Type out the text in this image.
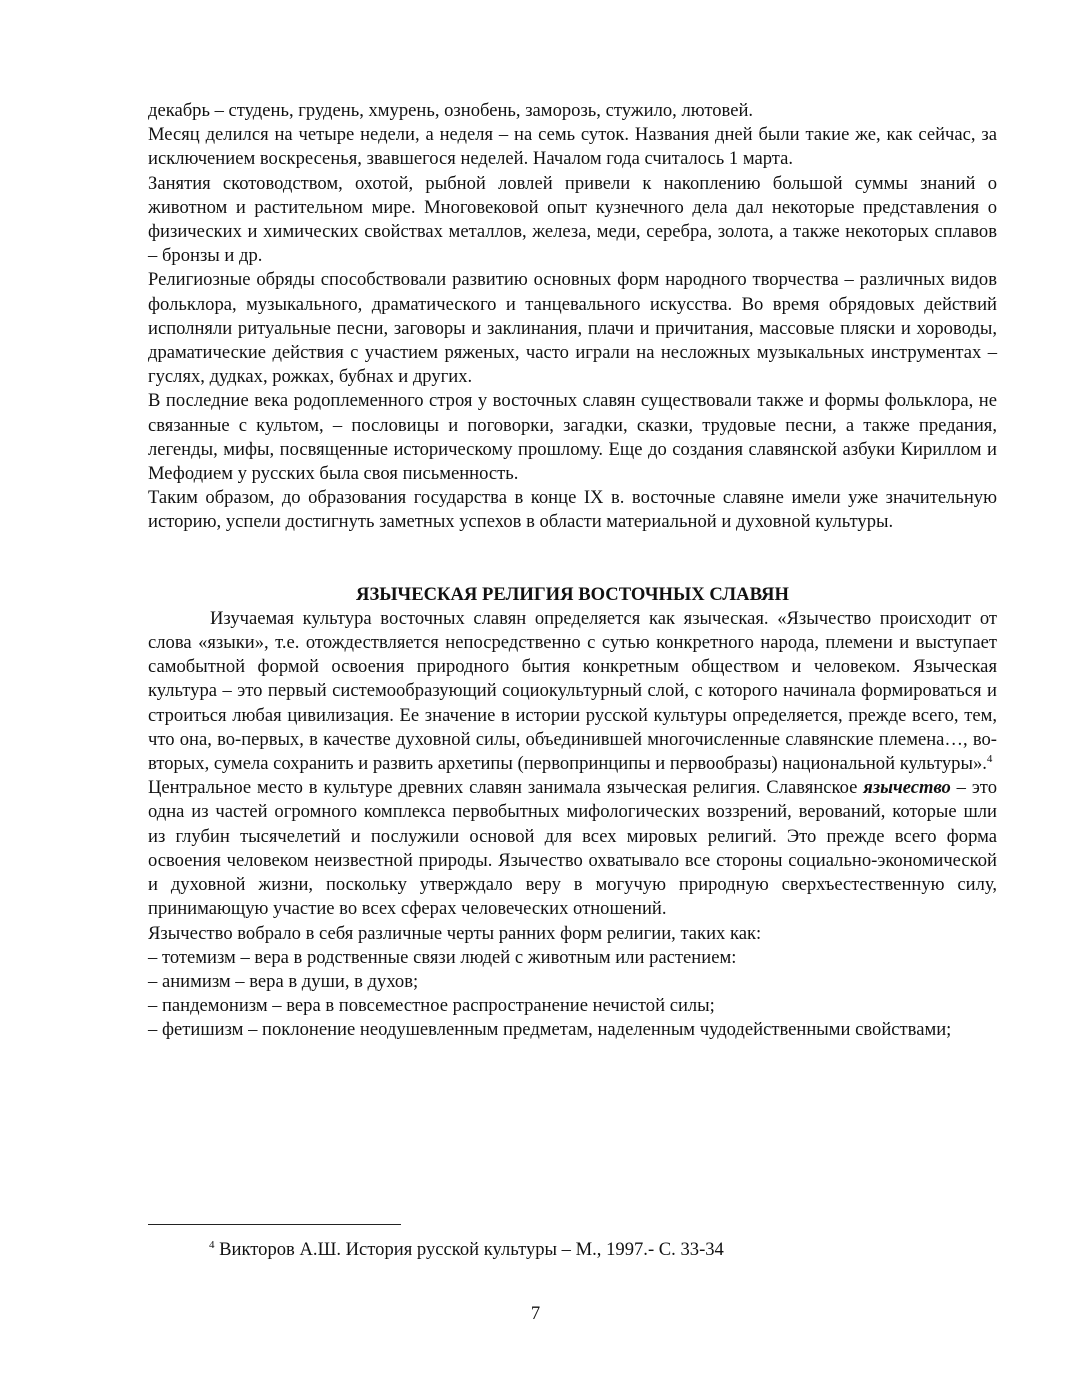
декабрь – студень, грудень, хмурень, ознобень, заморозь, стужило, лютовей.

Месяц делился на четыре недели, а неделя – на семь суток. Названия дней были такие же, как сейчас, за исключением воскресенья, звавшегося неделей. Началом года считалось 1 марта.

Занятия скотоводством, охотой, рыбной ловлей привели к накоплению большой суммы знаний о животном и растительном мире. Многовековой опыт кузнечного дела дал некоторые представления о физических и химических свойствах металлов, железа, меди, серебра, золота, а также некоторых сплавов – бронзы и др.

Религиозные обряды способствовали развитию основных форм народного творчества – различных видов фольклора, музыкального, драматического и танцевального искусства. Во время обрядовых действий исполняли ритуальные песни, заговоры и заклинания, плачи и причитания, массовые пляски и хороводы, драматические действия с участием ряженых, часто играли на несложных музыкальных инструментах – гуслях, дудках, рожках, бубнах и других.

В последние века родоплеменного строя у восточных славян существовали также и формы фольклора, не связанные с культом, – пословицы и поговорки, загадки, сказки, трудовые песни, а также предания, легенды, мифы, посвященные историческому прошлому. Еще до создания славянской азбуки Кириллом и Мефодием у русских была своя письменность.

Таким образом, до образования государства в конце IX в. восточные славяне имели уже значительную историю, успели достигнуть заметных успехов в области материальной и духовной культуры.

ЯЗЫЧЕСКАЯ РЕЛИГИЯ ВОСТОЧНЫХ СЛАВЯН

Изучаемая культура восточных славян определяется как языческая. «Язычество происходит от слова «языки», т.е. отождествляется непосредственно с сутью конкретного народа, племени и выступает самобытной формой освоения природного бытия конкретным обществом и человеком. Языческая культура – это первый системообразующий социокультурный слой, с которого начинала формироваться и строиться любая цивилизация. Ее значение в истории русской культуры определяется, прежде всего, тем, что она, во-первых, в качестве духовной силы, объединившей многочисленные славянские племена…, во-вторых, сумела сохранить и развить архетипы (первопринципы и первообразы) национальной культуры».$^4$

Центральное место в культуре древних славян занимала языческая религия. Славянское язычество – это одна из частей огромного комплекса первобытных мифологических воззрений, верований, которые шли из глубин тысячелетий и послужили основой для всех мировых религий. Это прежде всего форма освоения человеком неизвестной природы. Язычество охватывало все стороны социально-экономической и духовной жизни, поскольку утверждало веру в могучую природную сверхъестественную силу, принимающую участие во всех сферах человеческих отношений.

Язычество вобрало в себя различные черты ранних форм религии, таких как:

– тотемизм – вера в родственные связи людей с животным или растением:

– анимизм – вера в души, в духов;

– пандемонизм – вера в повсеместное распространение нечистой силы;

– фетишизм – поклонение неодушевленным предметам, наделенным чудодейственными свойствами;

$^4$ Викторов А.Ш. История русской культуры – М., 1997.- С. 33-34
7
